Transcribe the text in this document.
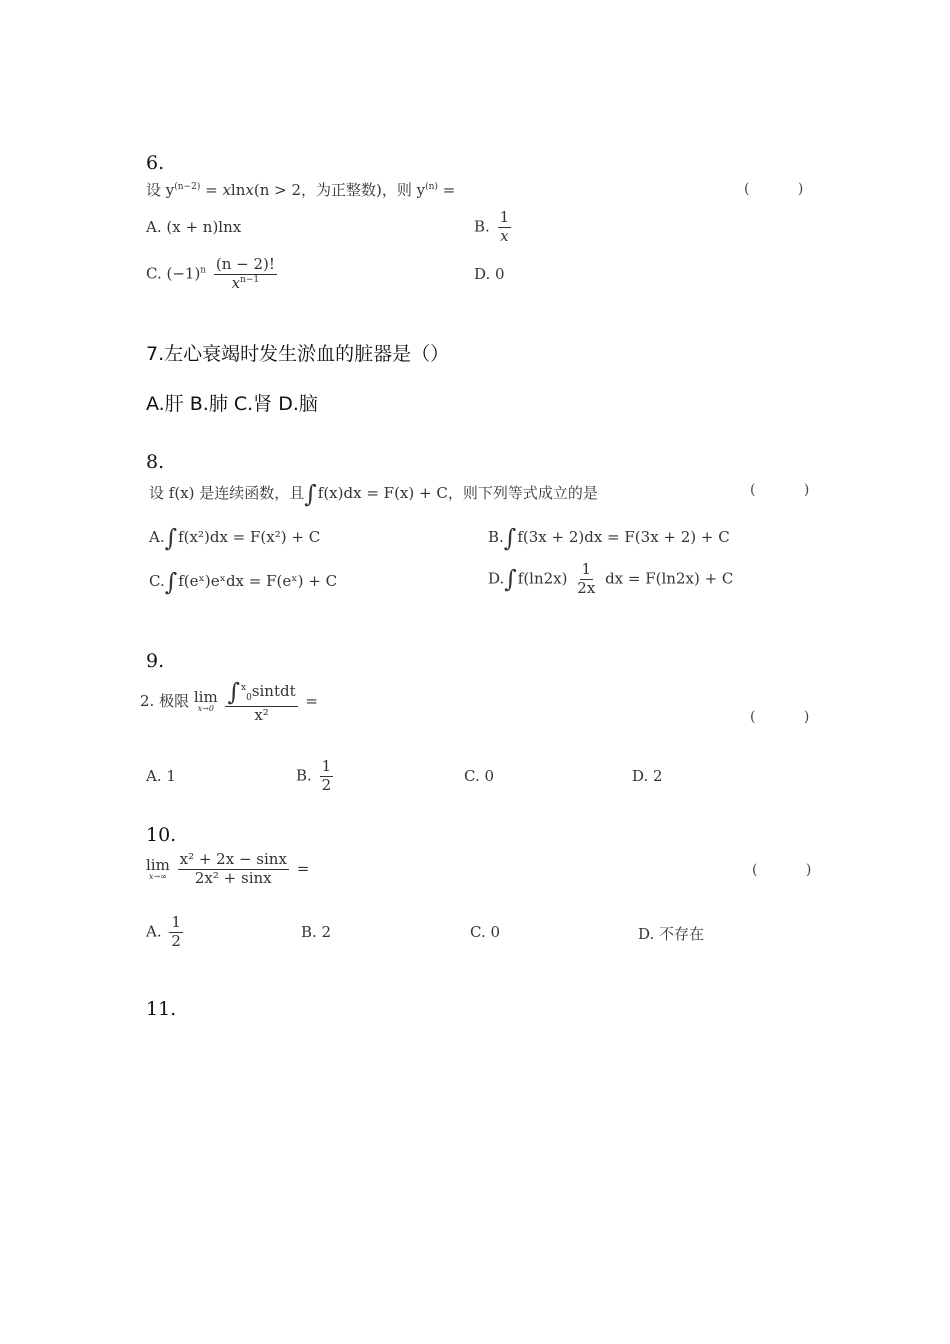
6.
设 $y^{(n-2)} = xlnx(n > 2$，为正整数)，则 $y^{(n)}$ =	( )
A. (x + n)lnx	B. $\frac{1}{x}$
C. $(-1)^n \frac{(n - 2)!}{x^{n-1}}$	D. 0
7.左心衰竭时发生淤血的脏器是（）
A.肝 B.肺 C.肾 D.脑
8.
设 f(x) 是连续函数，且∫f(x)dx = F(x) + C，则下列等式成立的是	( )
A.∫f(x²)dx = F(x²) + C	B.∫f(3x + 2)dx = F(3x + 2) + C
C.∫f(eˣ)eˣdx = F(eˣ) + C	$D.\int f(\ln 2x) \frac{1}{2x}$ dx = F(ln2x) + C
9.
2. 极限 lim
x→0
$\frac{\int^x_0sintdt}{\text{x²}}$ =
( )
A. 1	B. $\frac{1}{2}$	C. 0	D. 2
10.
lim
x→∞
$\frac{\text{x² + 2x − sinx}}{\text{2x² + sinx}}$ =	( )
A. $\frac{1}{2}$	B. 2	C. 0	D. 不存在
11.
